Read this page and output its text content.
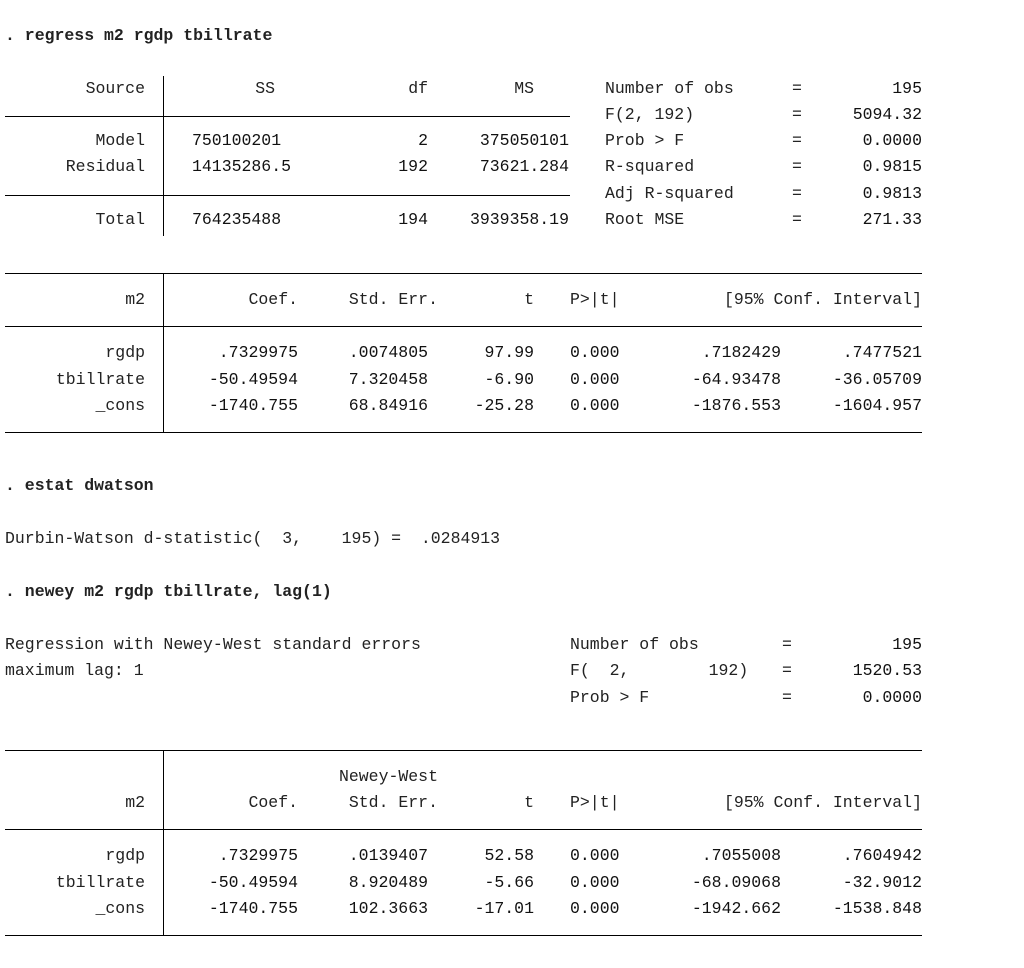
. regress m2 rgdp tbillrate
Source	SS	df	MS
Model	750100201	2	375050101
Residual	14135286.5	192	73621.284
Total	764235488	194	3939358.19
Number of obs	=	195
F(2, 192)	=	5094.32
Prob > F	=	0.0000
R-squared	=	0.9815
Adj R-squared	=	0.9813
Root MSE	=	271.33
m2	Coef.	Std. Err.	t P>|t|	[95% Conf. Interval]
rgdp	.7329975	.0074805	97.99 0.000	.7182429	.7477521
tbillrate	-50.49594	7.320458	-6.90 0.000	-64.93478	-36.05709
_cons	-1740.755	68.84916	-25.28 0.000	-1876.553	-1604.957
. estat dwatson
Durbin-Watson d-statistic(  3,    195) =  .0284913
. newey m2 rgdp tbillrate, lag(1)
Regression with Newey-West standard errors
maximum lag: 1
Number of obs	=	195
F(  2,        192) =	1520.53
Prob > F	=	0.0000
Newey-West
m2	Coef.	Std. Err.	t P>|t|	[95% Conf. Interval]
rgdp	.7329975	.0139407	52.58 0.000	.7055008	.7604942
tbillrate	-50.49594	8.920489	-5.66 0.000	-68.09068	-32.9012
_cons	-1740.755	102.3663	-17.01 0.000	-1942.662	-1538.848
